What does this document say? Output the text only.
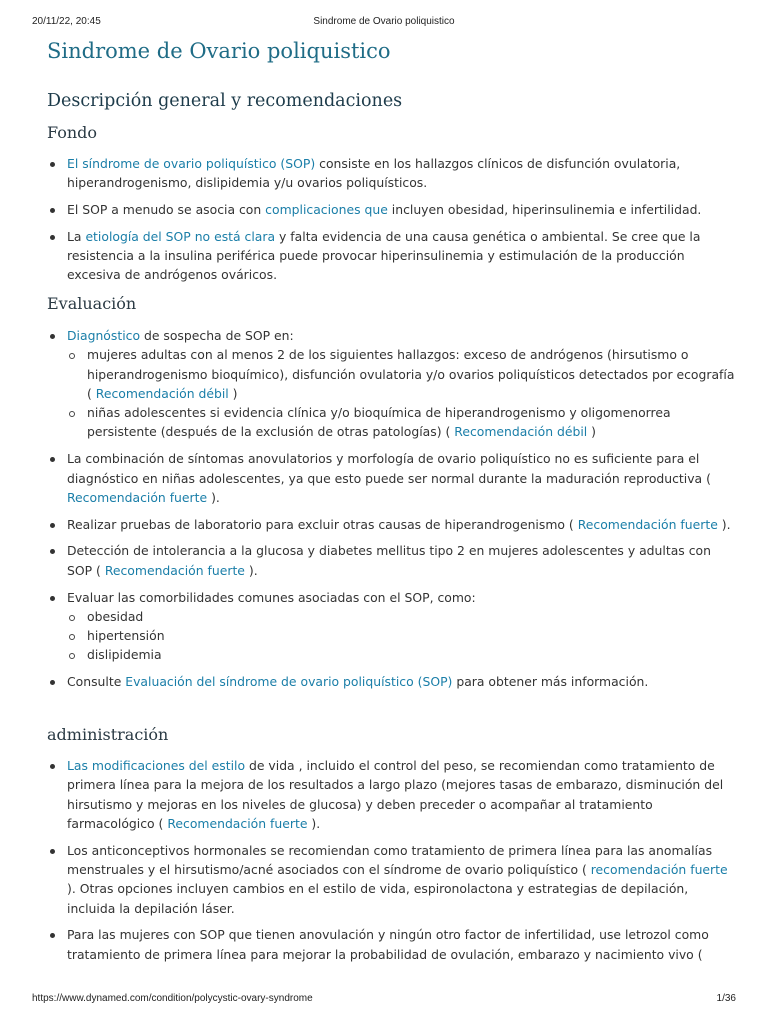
20/11/22, 20:45	Sindrome de Ovario poliquistico
Sindrome de Ovario poliquistico
Descripción general y recomendaciones
Fondo
El síndrome de ovario poliquístico (SOP) consiste en los hallazgos clínicos de disfunción ovulatoria, hiperandrogenismo, dislipidemia y/u ovarios poliquísticos.
El SOP a menudo se asocia con complicaciones que incluyen obesidad, hiperinsulinemia e infertilidad.
La etiología del SOP no está clara y falta evidencia de una causa genética o ambiental. Se cree que la resistencia a la insulina periférica puede provocar hiperinsulinemia y estimulación de la producción excesiva de andrógenos ováricos.
Evaluación
Diagnóstico de sospecha de SOP en:
mujeres adultas con al menos 2 de los siguientes hallazgos: exceso de andrógenos (hirsutismo o hiperandrogenismo bioquímico), disfunción ovulatoria y/o ovarios poliquísticos detectados por ecografía ( Recomendación débil )
niñas adolescentes si evidencia clínica y/o bioquímica de hiperandrogenismo y oligomenorrea persistente (después de la exclusión de otras patologías) ( Recomendación débil )
La combinación de síntomas anovulatorios y morfología de ovario poliquístico no es suficiente para el diagnóstico en niñas adolescentes, ya que esto puede ser normal durante la maduración reproductiva ( Recomendación fuerte ).
Realizar pruebas de laboratorio para excluir otras causas de hiperandrogenismo ( Recomendación fuerte ).
Detección de intolerancia a la glucosa y diabetes mellitus tipo 2 en mujeres adolescentes y adultas con SOP ( Recomendación fuerte ).
Evaluar las comorbilidades comunes asociadas con el SOP, como:
obesidad
hipertensión
dislipidemia
Consulte Evaluación del síndrome de ovario poliquístico (SOP) para obtener más información.
administración
Las modificaciones del estilo de vida , incluido el control del peso, se recomiendan como tratamiento de primera línea para la mejora de los resultados a largo plazo (mejores tasas de embarazo, disminución del hirsutismo y mejoras en los niveles de glucosa) y deben preceder o acompañar al tratamiento farmacológico ( Recomendación fuerte ).
Los anticonceptivos hormonales se recomiendan como tratamiento de primera línea para las anomalías menstruales y el hirsutismo/acné asociados con el síndrome de ovario poliquístico ( recomendación fuerte ). Otras opciones incluyen cambios en el estilo de vida, espironolactona y estrategias de depilación, incluida la depilación láser.
Para las mujeres con SOP que tienen anovulación y ningún otro factor de infertilidad, use letrozol como tratamiento de primera línea para mejorar la probabilidad de ovulación, embarazo y nacimiento vivo (
https://www.dynamed.com/condition/polycystic-ovary-syndrome	1/36
